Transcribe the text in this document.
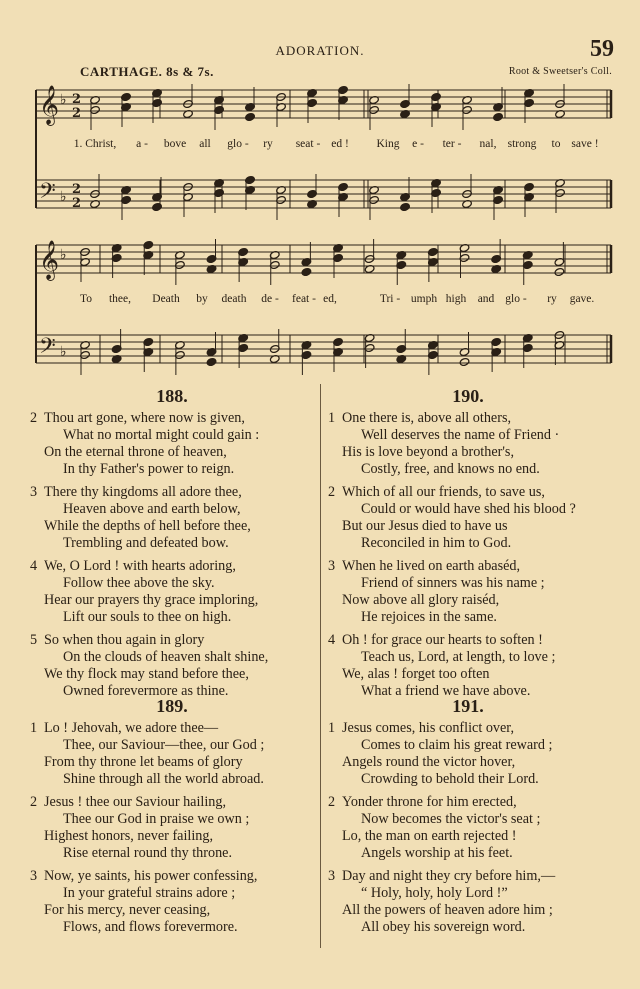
ADORATION.	59
CARTHAGE. 8s & 7s.	Root & Sweetser's Coll.
𝄞 ♭ 2
2
𝄢 ♭ 2
2
𝄞 ♭
𝄢 ♭
1. Christ, a - bove all glo - ry seat - ed ! King e - ter - nal, strong to save !
To thee, Death by death de - feat - ed,	Tri - umph high and glo - ry gave.
188.
2 Thou art gone, where now is given,
What no mortal might could gain :
On the eternal throne of heaven,
In thy Father's power to reign.
3 There thy kingdoms all adore thee,
Heaven above and earth below,
While the depths of hell before thee,
Trembling and defeated bow.
4 We, O Lord ! with hearts adoring,
Follow thee above the sky.
Hear our prayers thy grace imploring,
Lift our souls to thee on high.
5 So when thou again in glory
On the clouds of heaven shalt shine,
We thy flock may stand before thee,
Owned forevermore as thine.
189.
1 Lo ! Jehovah, we adore thee—
Thee, our Saviour—thee, our God ;
From thy throne let beams of glory
Shine through all the world abroad.
2 Jesus ! thee our Saviour hailing,
Thee our God in praise we own ;
Highest honors, never failing,
Rise eternal round thy throne.
3 Now, ye saints, his power confessing,
In your grateful strains adore ;
For his mercy, never ceasing,
Flows, and flows forevermore.
190.
1 One there is, above all others,
Well deserves the name of Friend ·
His is love beyond a brother's,
Costly, free, and knows no end.
2 Which of all our friends, to save us,
Could or would have shed his blood ?
But our Jesus died to have us
Reconciled in him to God.
3 When he lived on earth abaséd,
Friend of sinners was his name ;
Now above all glory raiséd,
He rejoices in the same.
4 Oh ! for grace our hearts to soften !
Teach us, Lord, at length, to love ;
We, alas ! forget too often
What a friend we have above.
191.
1 Jesus comes, his conflict over,
Comes to claim his great reward ;
Angels round the victor hover,
Crowding to behold their Lord.
2 Yonder throne for him erected,
Now becomes the victor's seat ;
Lo, the man on earth rejected !
Angels worship at his feet.
3 Day and night they cry before him,—
“ Holy, holy, holy Lord !”
All the powers of heaven adore him ;
All obey his sovereign word.
